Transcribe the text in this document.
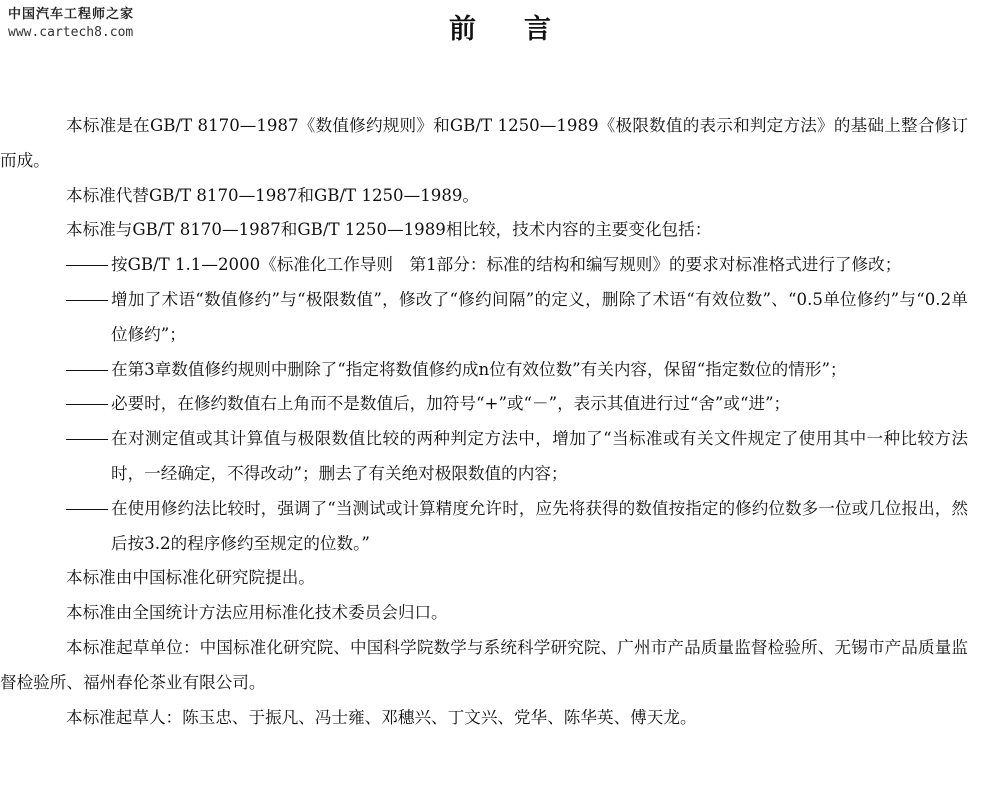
中国汽车工程师之家
www.cartech8.com	前言

本标准是在GB/T 8170—1987《数值修约规则》和GB/T 1250—1989《极限数值的表示和判定方法》的基础上整合修订而成。

本标准代替GB/T 8170—1987和GB/T 1250—1989。

本标准与GB/T 8170—1987和GB/T 1250—1989相比较，技术内容的主要变化包括：

按GB/T 1.1—2000《标准化工作导则　第1部分：标准的结构和编写规则》的要求对标准格式进行了修改；
增加了术语“数值修约”与“极限数值”，修改了“修约间隔”的定义，删除了术语“有效位数”、“0.5单位修约”与“0.2单位修约”；
在第3章数值修约规则中删除了“指定将数值修约成n位有效位数”有关内容，保留“指定数位的情形”；
必要时，在修约数值右上角而不是数值后，加符号“+”或“－”，表示其值进行过“舍”或“进”；
在对测定值或其计算值与极限数值比较的两种判定方法中，增加了“当标准或有关文件规定了使用其中一种比较方法时，一经确定，不得改动”；删去了有关绝对极限数值的内容；
在使用修约法比较时，强调了“当测试或计算精度允许时，应先将获得的数值按指定的修约位数多一位或几位报出，然后按3.2的程序修约至规定的位数。”

本标准由中国标准化研究院提出。

本标准由全国统计方法应用标准化技术委员会归口。

本标准起草单位：中国标准化研究院、中国科学院数学与系统科学研究院、广州市产品质量监督检验所、无锡市产品质量监督检验所、福州春伦茶业有限公司。

本标准起草人：陈玉忠、于振凡、冯士雍、邓穗兴、丁文兴、党华、陈华英、傅天龙。
